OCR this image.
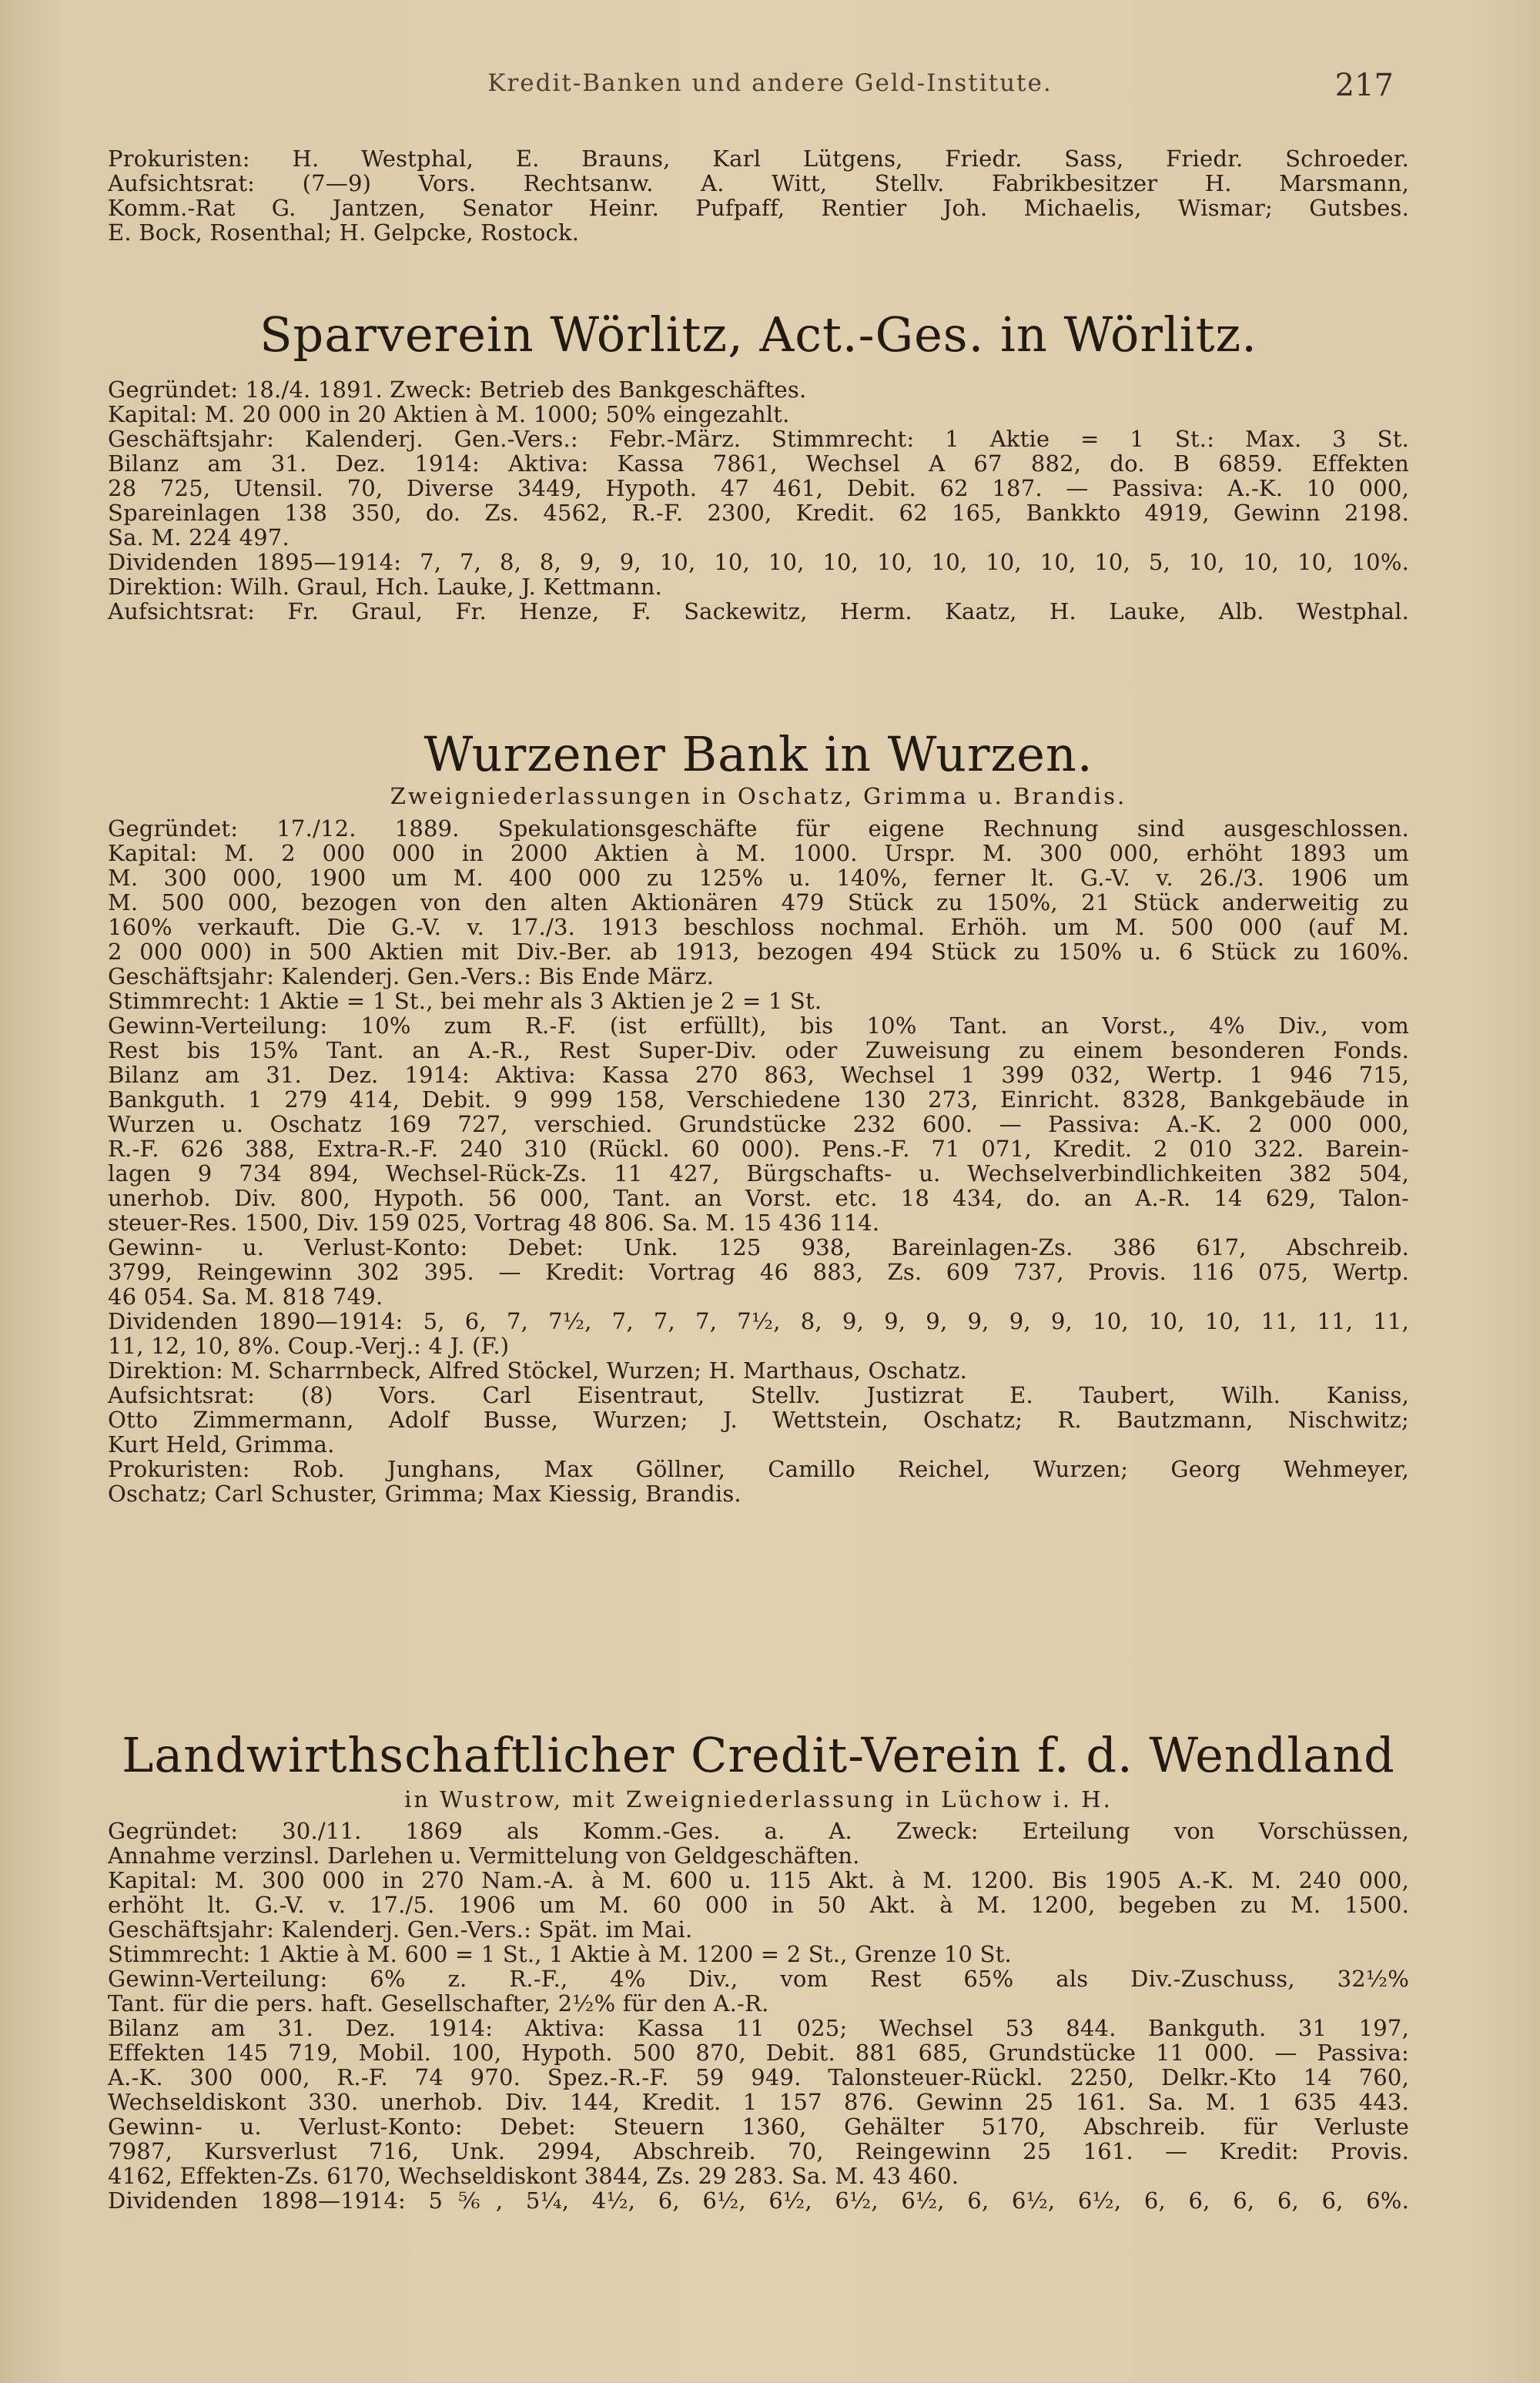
Kredit-Banken und andere Geld-Institute.	217
Prokuristen: H. Westphal, E. Brauns, Karl Lütgens, Friedr. Sass, Friedr. Schroeder.
Aufsichtsrat: (7—9) Vors. Rechtsanw. A. Witt, Stellv. Fabrikbesitzer H. Marsmann,
Komm.-Rat G. Jantzen, Senator Heinr. Pufpaff, Rentier Joh. Michaelis, Wismar; Gutsbes.
E. Bock, Rosenthal; H. Gelpcke, Rostock.
Sparverein Wörlitz, Act.-Ges. in Wörlitz.
Gegründet: 18./4. 1891. Zweck: Betrieb des Bankgeschäftes.
Kapital: M. 20 000 in 20 Aktien à M. 1000; 50% eingezahlt.
Geschäftsjahr: Kalenderj. Gen.-Vers.: Febr.-März. Stimmrecht: 1 Aktie = 1 St.: Max. 3 St.
Bilanz am 31. Dez. 1914: Aktiva: Kassa 7861, Wechsel A 67 882, do. B 6859. Effekten
28 725, Utensil. 70, Diverse 3449, Hypoth. 47 461, Debit. 62 187. — Passiva: A.-K. 10 000,
Spareinlagen 138 350, do. Zs. 4562, R.-F. 2300, Kredit. 62 165, Bankkto 4919, Gewinn 2198.
Sa. M. 224 497.
Dividenden 1895—1914: 7, 7, 8, 8, 9, 9, 10, 10, 10, 10, 10, 10, 10, 10, 10, 5, 10, 10, 10, 10%.
Direktion: Wilh. Graul, Hch. Lauke, J. Kettmann.
Aufsichtsrat: Fr. Graul, Fr. Henze, F. Sackewitz, Herm. Kaatz, H. Lauke, Alb. Westphal.
Wurzener Bank in Wurzen.
Zweigniederlassungen in Oschatz, Grimma u. Brandis.
Gegründet: 17./12. 1889. Spekulationsgeschäfte für eigene Rechnung sind ausgeschlossen.
Kapital: M. 2 000 000 in 2000 Aktien à M. 1000. Urspr. M. 300 000, erhöht 1893 um
M. 300 000, 1900 um M. 400 000 zu 125% u. 140%, ferner lt. G.-V. v. 26./3. 1906 um
M. 500 000, bezogen von den alten Aktionären 479 Stück zu 150%, 21 Stück anderweitig zu
160% verkauft. Die G.-V. v. 17./3. 1913 beschloss nochmal. Erhöh. um M. 500 000 (auf M.
2 000 000) in 500 Aktien mit Div.-Ber. ab 1913, bezogen 494 Stück zu 150% u. 6 Stück zu 160%.
Geschäftsjahr: Kalenderj. Gen.-Vers.: Bis Ende März.
Stimmrecht: 1 Aktie = 1 St., bei mehr als 3 Aktien je 2 = 1 St.
Gewinn-Verteilung: 10% zum R.-F. (ist erfüllt), bis 10% Tant. an Vorst., 4% Div., vom
Rest bis 15% Tant. an A.-R., Rest Super-Div. oder Zuweisung zu einem besonderen Fonds.
Bilanz am 31. Dez. 1914: Aktiva: Kassa 270 863, Wechsel 1 399 032, Wertp. 1 946 715,
Bankguth. 1 279 414, Debit. 9 999 158, Verschiedene 130 273, Einricht. 8328, Bankgebäude in
Wurzen u. Oschatz 169 727, verschied. Grundstücke 232 600. — Passiva: A.-K. 2 000 000,
R.-F. 626 388, Extra-R.-F. 240 310 (Rückl. 60 000). Pens.-F. 71 071, Kredit. 2 010 322. Barein-
lagen 9 734 894, Wechsel-Rück-Zs. 11 427, Bürgschafts- u. Wechselverbindlichkeiten 382 504,
unerhob. Div. 800, Hypoth. 56 000, Tant. an Vorst. etc. 18 434, do. an A.-R. 14 629, Talon-
steuer-Res. 1500, Div. 159 025, Vortrag 48 806. Sa. M. 15 436 114.
Gewinn- u. Verlust-Konto: Debet: Unk. 125 938, Bareinlagen-Zs. 386 617, Abschreib.
3799, Reingewinn 302 395. — Kredit: Vortrag 46 883, Zs. 609 737, Provis. 116 075, Wertp.
46 054. Sa. M. 818 749.
Dividenden 1890—1914: 5, 6, 7, 7½, 7, 7, 7, 7½, 8, 9, 9, 9, 9, 9, 9, 10, 10, 10, 11, 11, 11,
11, 12, 10, 8%. Coup.-Verj.: 4 J. (F.)
Direktion: M. Scharrnbeck, Alfred Stöckel, Wurzen; H. Marthaus, Oschatz.
Aufsichtsrat: (8) Vors. Carl Eisentraut, Stellv. Justizrat E. Taubert, Wilh. Kaniss,
Otto Zimmermann, Adolf Busse, Wurzen; J. Wettstein, Oschatz; R. Bautzmann, Nischwitz;
Kurt Held, Grimma.
Prokuristen: Rob. Junghans, Max Göllner, Camillo Reichel, Wurzen; Georg Wehmeyer,
Oschatz; Carl Schuster, Grimma; Max Kiessig, Brandis.
Landwirthschaftlicher Credit-Verein f. d. Wendland
in Wustrow, mit Zweigniederlassung in Lüchow i. H.
Gegründet: 30./11. 1869 als Komm.-Ges. a. A. Zweck: Erteilung von Vorschüssen,
Annahme verzinsl. Darlehen u. Vermittelung von Geldgeschäften.
Kapital: M. 300 000 in 270 Nam.-A. à M. 600 u. 115 Akt. à M. 1200. Bis 1905 A.-K. M. 240 000,
erhöht lt. G.-V. v. 17./5. 1906 um M. 60 000 in 50 Akt. à M. 1200, begeben zu M. 1500.
Geschäftsjahr: Kalenderj. Gen.-Vers.: Spät. im Mai.
Stimmrecht: 1 Aktie à M. 600 = 1 St., 1 Aktie à M. 1200 = 2 St., Grenze 10 St.
Gewinn-Verteilung: 6% z. R.-F., 4% Div., vom Rest 65% als Div.-Zuschuss, 32½%
Tant. für die pers. haft. Gesellschafter, 2½% für den A.-R.
Bilanz am 31. Dez. 1914: Aktiva: Kassa 11 025; Wechsel 53 844. Bankguth. 31 197,
Effekten 145 719, Mobil. 100, Hypoth. 500 870, Debit. 881 685, Grundstücke 11 000. — Passiva:
A.-K. 300 000, R.-F. 74 970. Spez.-R.-F. 59 949. Talonsteuer-Rückl. 2250, Delkr.-Kto 14 760,
Wechseldiskont 330. unerhob. Div. 144, Kredit. 1 157 876. Gewinn 25 161. Sa. M. 1 635 443.
Gewinn- u. Verlust-Konto: Debet: Steuern 1360, Gehälter 5170, Abschreib. für Verluste
7987, Kursverlust 716, Unk. 2994, Abschreib. 70, Reingewinn 25 161. — Kredit: Provis.
4162, Effekten-Zs. 6170, Wechseldiskont 3844, Zs. 29 283. Sa. M. 43 460.
Dividenden 1898—1914: 5⅚, 5¼, 4½, 6, 6½, 6½, 6½, 6½, 6, 6½, 6½, 6, 6, 6, 6, 6, 6%.
